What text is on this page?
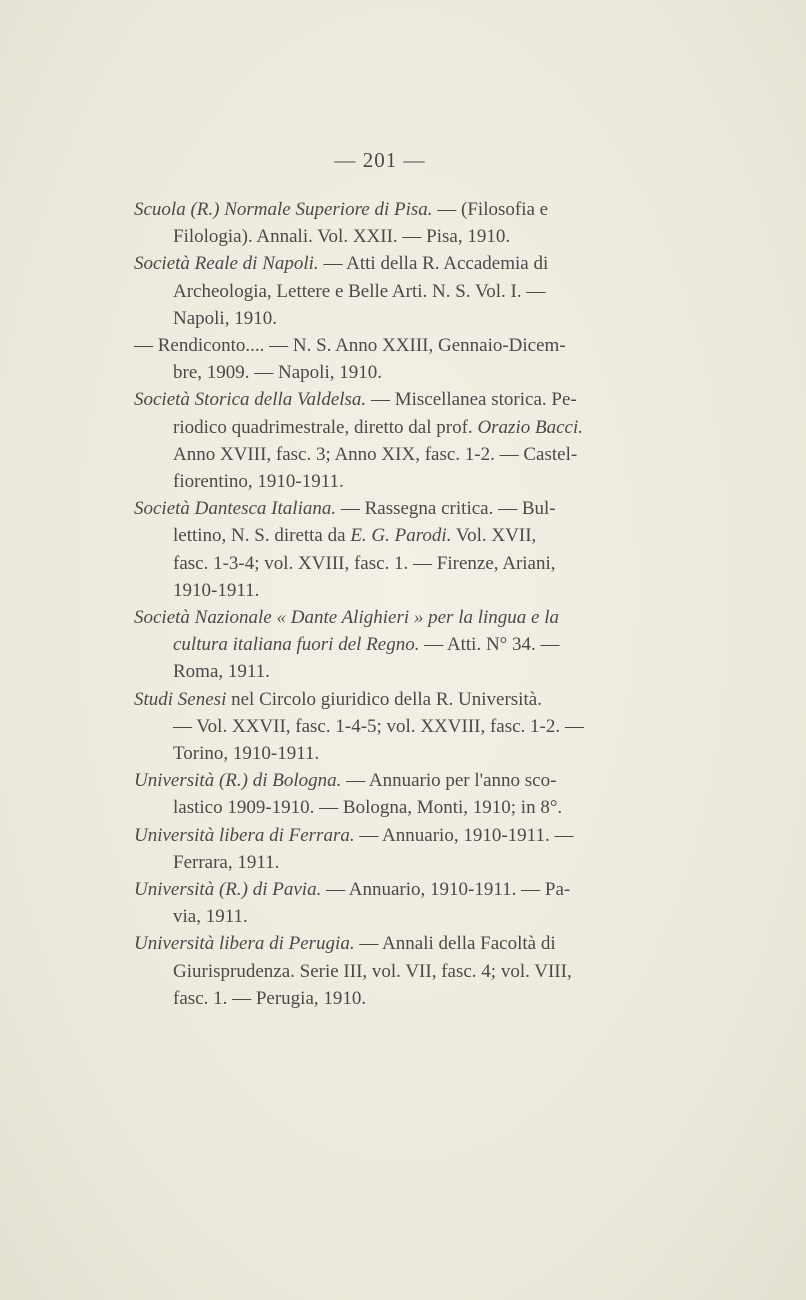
— 201 —
Scuola (R.) Normale Superiore di Pisa. — (Filosofia e
Filologia). Annali. Vol. XXII. — Pisa, 1910.
Società Reale di Napoli. — Atti della R. Accademia di
Archeologia, Lettere e Belle Arti. N. S. Vol. I. —
Napoli, 1910.
— Rendiconto.... — N. S. Anno XXIII, Gennaio-Dicem-
bre, 1909. — Napoli, 1910.
Società Storica della Valdelsa. — Miscellanea storica. Pe-
riodico quadrimestrale, diretto dal prof. Orazio Bacci.
Anno XVIII, fasc. 3; Anno XIX, fasc. 1-2. — Castel-
fiorentino, 1910-1911.
Società Dantesca Italiana. — Rassegna critica. — Bul-
lettino, N. S. diretta da E. G. Parodi. Vol. XVII,
fasc. 1-3-4; vol. XVIII, fasc. 1. — Firenze, Ariani,
1910-1911.
Società Nazionale « Dante Alighieri » per la lingua e la
cultura italiana fuori del Regno. — Atti. N° 34. —
Roma, 1911.
Studi Senesi nel Circolo giuridico della R. Università.
— Vol. XXVII, fasc. 1-4-5; vol. XXVIII, fasc. 1-2. —
Torino, 1910-1911.
Università (R.) di Bologna. — Annuario per l'anno sco-
lastico 1909-1910. — Bologna, Monti, 1910; in 8°.
Università libera di Ferrara. — Annuario, 1910-1911. —
Ferrara, 1911.
Università (R.) di Pavia. — Annuario, 1910-1911. — Pa-
via, 1911.
Università libera di Perugia. — Annali della Facoltà di
Giurisprudenza. Serie III, vol. VII, fasc. 4; vol. VIII,
fasc. 1. — Perugia, 1910.
